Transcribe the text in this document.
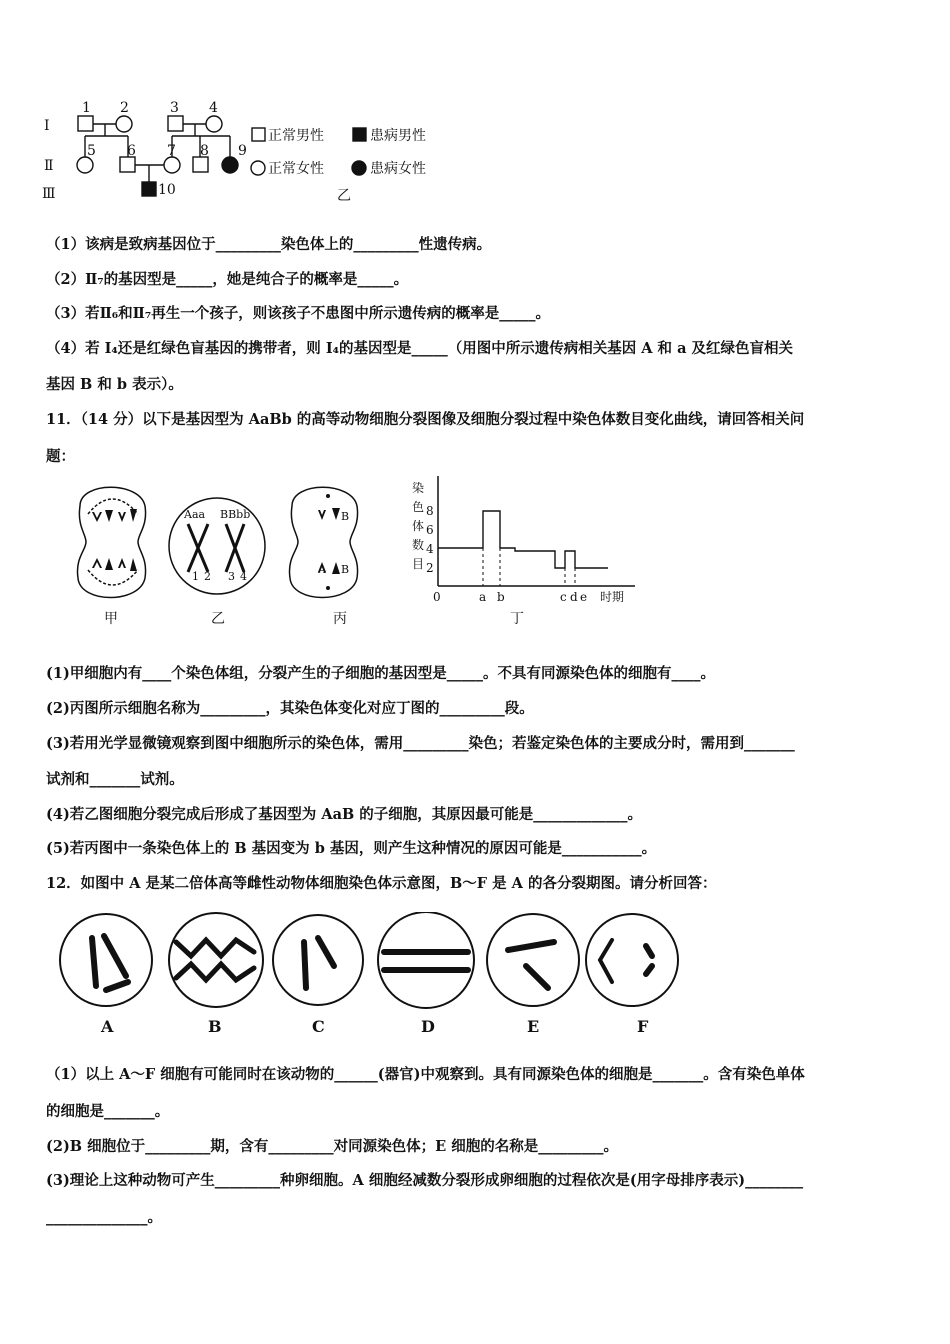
Ⅰ
Ⅱ
Ⅲ
1 2	3 4
5 6 7 8 9
10
正常男性	患病男性
正常女性	患病女性
乙
（1）该病是致病基因位于_________染色体上的_________性遗传病。
（2）Ⅱ₇的基因型是_____，她是纯合子的概率是_____。
（3）若Ⅱ₆和Ⅱ₇再生一个孩子，则该孩子不患图中所示遗传病的概率是_____。
（4）若 I₄还是红绿色盲基因的携带者，则 I₄的基因型是_____（用图中所示遗传病相关基因 A 和 a 及红绿色盲相关
基因 B 和 b 表示）。
11．（14 分）以下是基因型为 AaBb 的高等动物细胞分裂图像及细胞分裂过程中染色体数目变化曲线，请回答相关问
题：
Aaa BBbb
1 2 3 4
B
A B
染
色
体
数
目
8
6
4
2
0	a b	c d e 时期
甲	乙	丙	丁
(1)甲细胞内有____个染色体组，分裂产生的子细胞的基因型是_____。不具有同源染色体的细胞有____。
(2)丙图所示细胞名称为_________，其染色体变化对应丁图的_________段。
(3)若用光学显微镜观察到图中细胞所示的染色体，需用_________染色；若鉴定染色体的主要成分时，需用到_______
试剂和_______试剂。
(4)若乙图细胞分裂完成后形成了基因型为 AaB 的子细胞，其原因最可能是_____________。
(5)若丙图中一条染色体上的 B 基因变为 b 基因，则产生这种情况的原因可能是___________。
12．如图中 A 是某二倍体高等雌性动物体细胞染色体示意图，B～F 是 A 的各分裂期图。请分析回答：
A	B	C	D	E	F
（1）以上 A～F 细胞有可能同时在该动物的______(器官)中观察到。具有同源染色体的细胞是_______。含有染色单体
的细胞是_______。
(2)B 细胞位于_________期，含有_________对同源染色体；E 细胞的名称是_________。
(3)理论上这种动物可产生_________种卵细胞。A 细胞经减数分裂形成卵细胞的过程依次是(用字母排序表示)________
______________。
